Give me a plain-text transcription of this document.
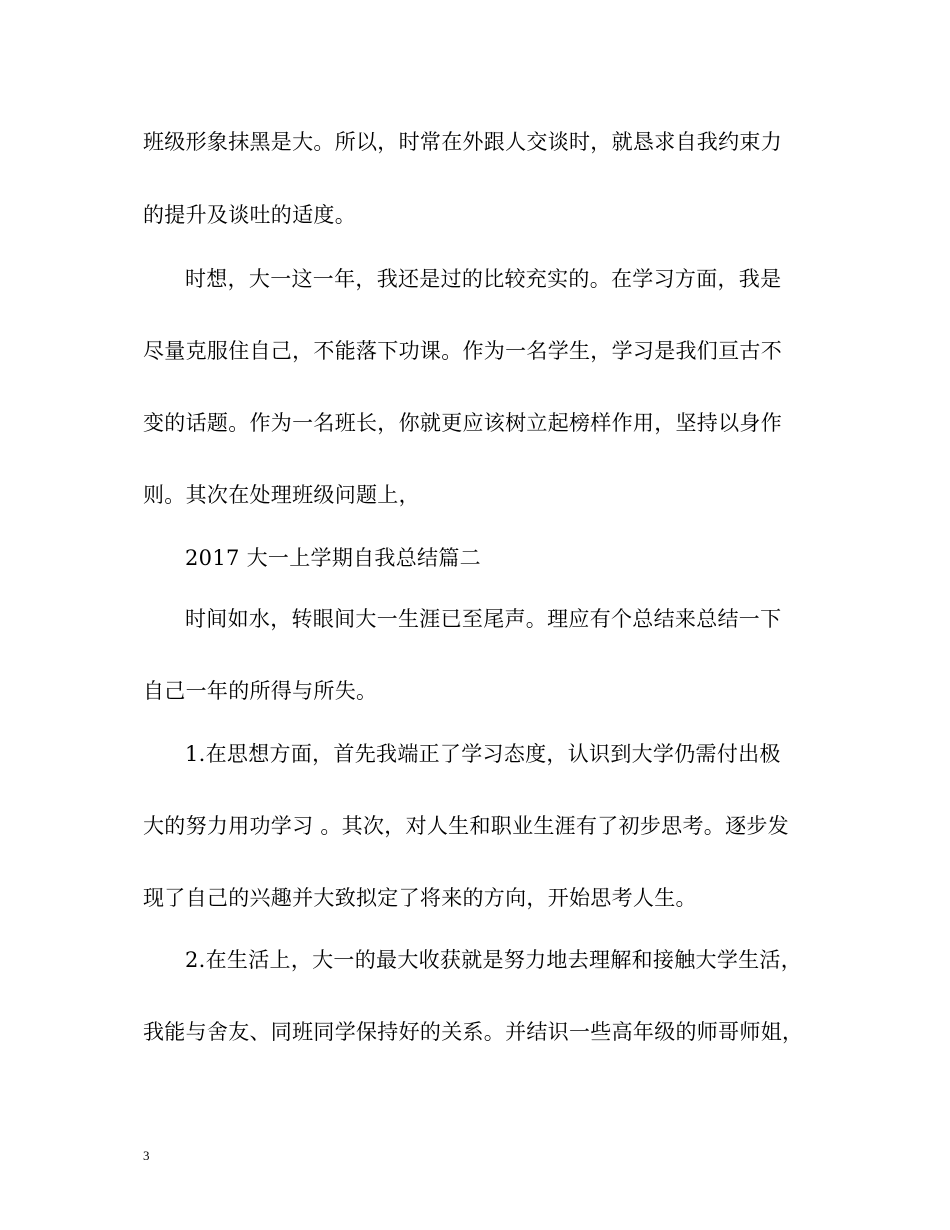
班级形象抹黑是大。所以，时常在外跟人交谈时，就恳求自我约束力
的提升及谈吐的适度。
时想，大一这一年，我还是过的比较充实的。在学习方面，我是
尽量克服住自己，不能落下功课。作为一名学生，学习是我们亘古不
变的话题。作为一名班长，你就更应该树立起榜样作用，坚持以身作
则。其次在处理班级问题上，
2017 大一上学期自我总结篇二
时间如水，转眼间大一生涯已至尾声。理应有个总结来总结一下
自己一年的所得与所失。
1.在思想方面，首先我端正了学习态度，认识到大学仍需付出极
大的努力用功学习 。其次，对人生和职业生涯有了初步思考。逐步发
现了自己的兴趣并大致拟定了将来的方向，开始思考人生。
2.在生活上，大一的最大收获就是努力地去理解和接触大学生活，
我能与舍友、同班同学保持好的关系。并结识一些高年级的师哥师姐，
3
